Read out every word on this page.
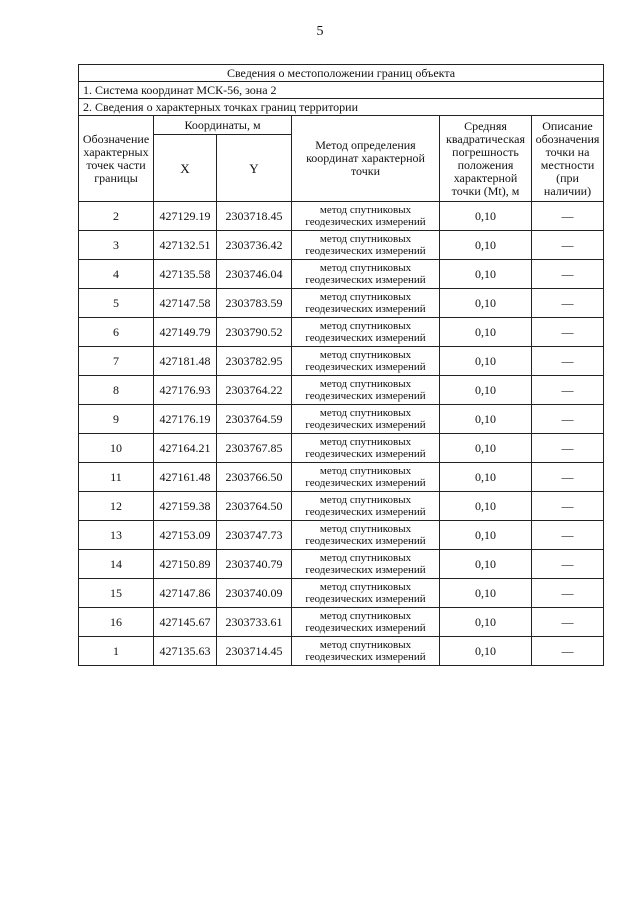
5
Сведения о местоположении границ объекта					
1. Система координат МСК-56, зона 2					
2. Сведения о характерных точках границ территории					
Обозначение характерных точек части границы	Координаты, м		Метод определения координат характерной точки	Средняя квадратическая погрешность положения характерной точки (Mt), м	Описание обозначения точки на местности (при наличии)
	X	Y			
2	427129.19	2303718.45	метод спутниковых геодезических измерений	0,10	—
3	427132.51	2303736.42	метод спутниковых геодезических измерений	0,10	—
4	427135.58	2303746.04	метод спутниковых геодезических измерений	0,10	—
5	427147.58	2303783.59	метод спутниковых геодезических измерений	0,10	—
6	427149.79	2303790.52	метод спутниковых геодезических измерений	0,10	—
7	427181.48	2303782.95	метод спутниковых геодезических измерений	0,10	—
8	427176.93	2303764.22	метод спутниковых геодезических измерений	0,10	—
9	427176.19	2303764.59	метод спутниковых геодезических измерений	0,10	—
10	427164.21	2303767.85	метод спутниковых геодезических измерений	0,10	—
11	427161.48	2303766.50	метод спутниковых геодезических измерений	0,10	—
12	427159.38	2303764.50	метод спутниковых геодезических измерений	0,10	—
13	427153.09	2303747.73	метод спутниковых геодезических измерений	0,10	—
14	427150.89	2303740.79	метод спутниковых геодезических измерений	0,10	—
15	427147.86	2303740.09	метод спутниковых геодезических измерений	0,10	—
16	427145.67	2303733.61	метод спутниковых геодезических измерений	0,10	—
1	427135.63	2303714.45	метод спутниковых геодезических измерений	0,10	—
